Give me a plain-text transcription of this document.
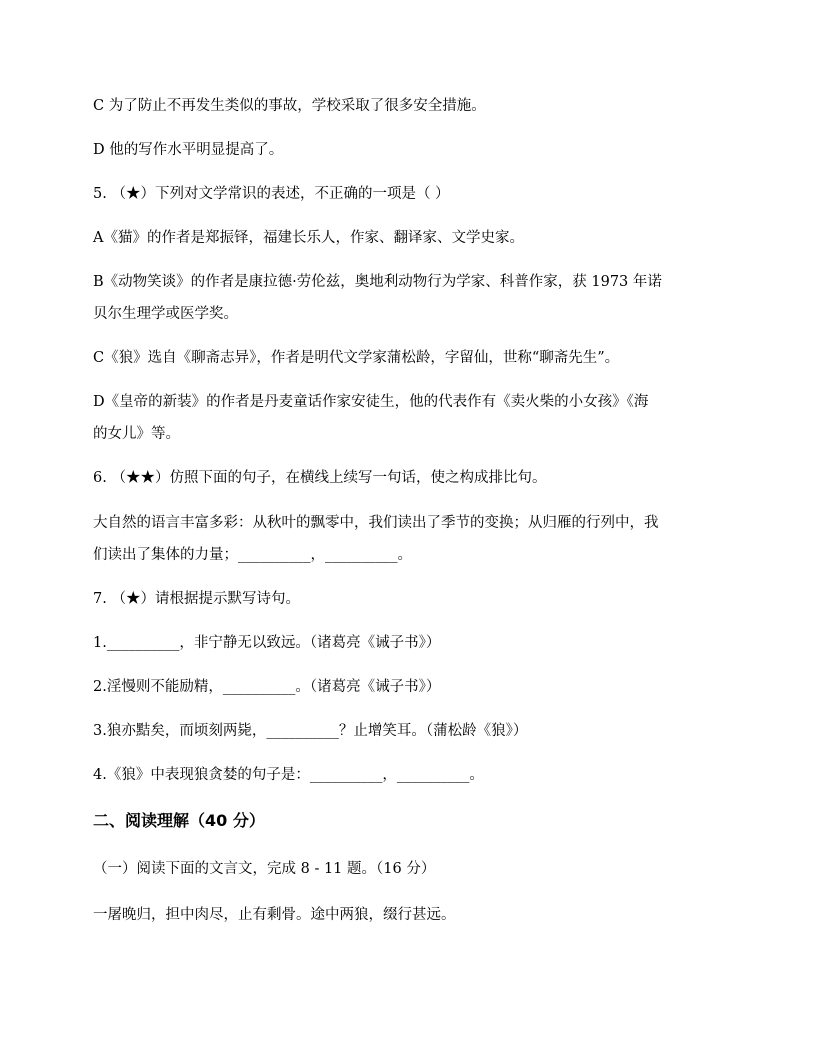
C 为了防止不再发生类似的事故，学校采取了很多安全措施。
D 他的写作水平明显提高了。
5. （★）下列对文学常识的表述，不正确的一项是（ ）
A《猫》的作者是郑振铎，福建长乐人，作家、翻译家、文学史家。
B《动物笑谈》的作者是康拉德·劳伦兹，奥地利动物行为学家、科普作家，获 1973 年诺
贝尔生理学或医学奖。
C《狼》选自《聊斋志异》，作者是明代文学家蒲松龄，字留仙，世称“聊斋先生”。
D《皇帝的新装》的作者是丹麦童话作家安徒生，他的代表作有《卖火柴的小女孩》《海
的女儿》等。
6. （★★）仿照下面的句子，在横线上续写一句话，使之构成排比句。
大自然的语言丰富多彩：从秋叶的飘零中，我们读出了季节的变换；从归雁的行列中，我
们读出了集体的力量；__________，__________。
7. （★）请根据提示默写诗句。
1.__________，非宁静无以致远。（诸葛亮《诫子书》）
2.淫慢则不能励精，__________。（诸葛亮《诫子书》）
3.狼亦黠矣，而顷刻两毙，__________？止增笑耳。（蒲松龄《狼》）
4.《狼》中表现狼贪婪的句子是：__________，__________。
二、阅读理解（40 分）
（一）阅读下面的文言文，完成 8 - 11 题。（16 分）
一屠晚归，担中肉尽，止有剩骨。途中两狼，缀行甚远。
